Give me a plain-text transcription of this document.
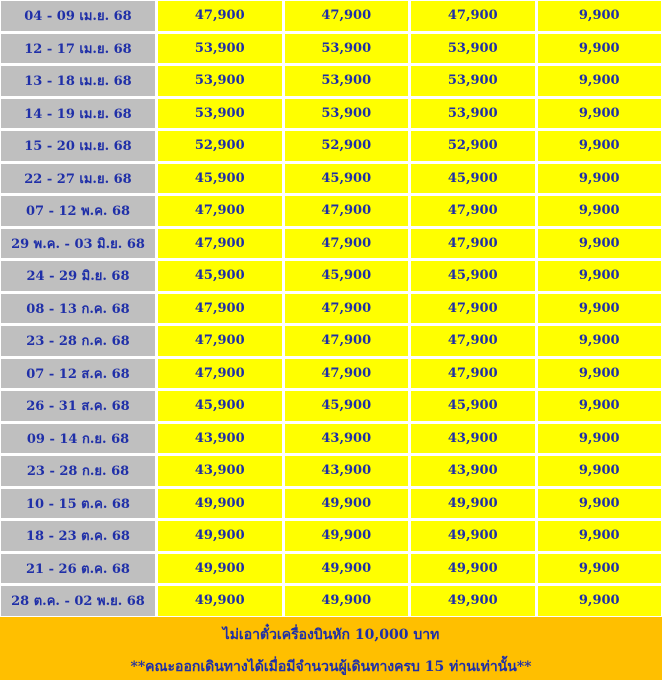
04 - 09 เม.ย. 68	47,900	47,900	47,900	9,900
12 - 17 เม.ย. 68	53,900	53,900	53,900	9,900
13 - 18 เม.ย. 68	53,900	53,900	53,900	9,900
14 - 19 เม.ย. 68	53,900	53,900	53,900	9,900
15 - 20 เม.ย. 68	52,900	52,900	52,900	9,900
22 - 27 เม.ย. 68	45,900	45,900	45,900	9,900
07 - 12 พ.ค. 68	47,900	47,900	47,900	9,900
29 พ.ค. - 03 มิ.ย. 68	47,900	47,900	47,900	9,900
24 - 29 มิ.ย. 68	45,900	45,900	45,900	9,900
08 - 13 ก.ค. 68	47,900	47,900	47,900	9,900
23 - 28 ก.ค. 68	47,900	47,900	47,900	9,900
07 - 12 ส.ค. 68	47,900	47,900	47,900	9,900
26 - 31 ส.ค. 68	45,900	45,900	45,900	9,900
09 - 14 ก.ย. 68	43,900	43,900	43,900	9,900
23 - 28 ก.ย. 68	43,900	43,900	43,900	9,900
10 - 15 ต.ค. 68	49,900	49,900	49,900	9,900
18 - 23 ต.ค. 68	49,900	49,900	49,900	9,900
21 - 26 ต.ค. 68	49,900	49,900	49,900	9,900
28 ต.ค. - 02 พ.ย. 68	49,900	49,900	49,900	9,900
ไม่เอาตั๋วเครื่องบินหัก 10,000 บาท
**คณะออกเดินทางได้เมื่อมีจำนวนผู้เดินทางครบ 15 ท่านเท่านั้น**
